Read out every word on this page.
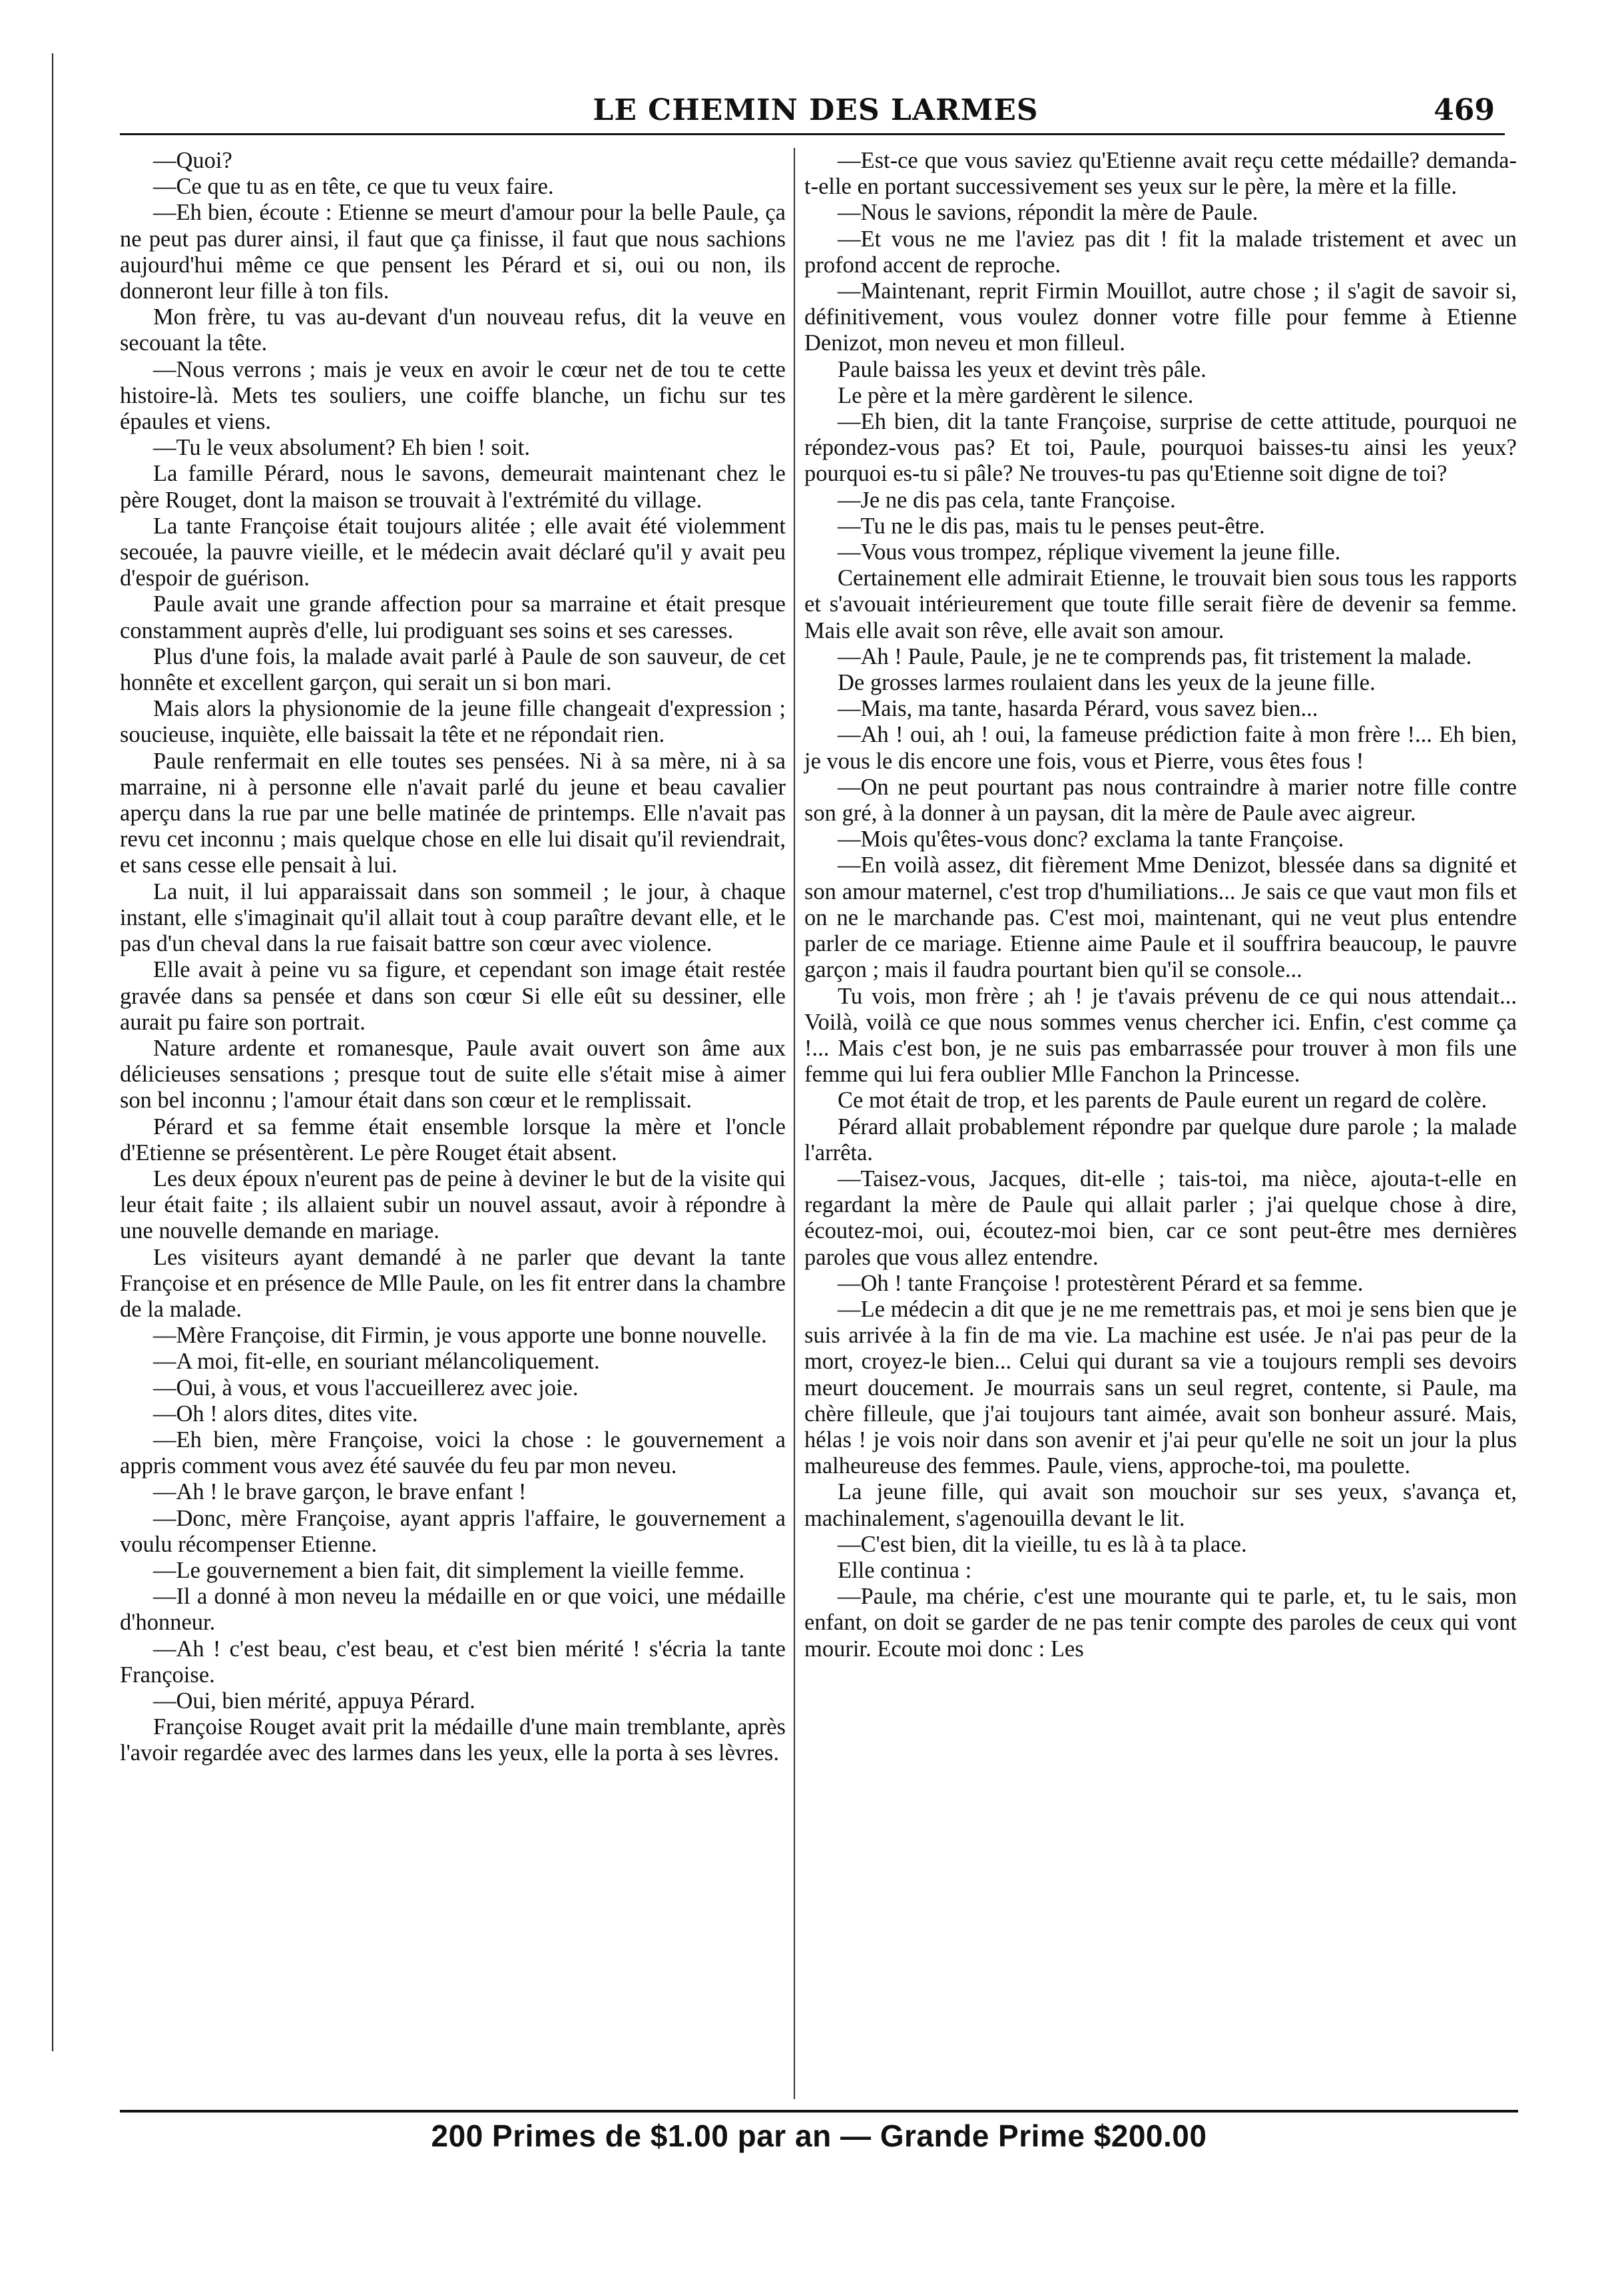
LE CHEMIN DES LARMES	469

—Quoi?

—Ce que tu as en tête, ce que tu veux faire.

—Eh bien, écoute : Etienne se meurt d'amour pour la belle Paule, ça ne peut pas durer ainsi, il faut que ça finisse, il faut que nous sachions aujourd'hui même ce que pensent les Pérard et si, oui ou non, ils donneront leur fille à ton fils.

Mon frère, tu vas au-devant d'un nouveau refus, dit la veuve en secouant la tête.

—Nous verrons ; mais je veux en avoir le cœur net de tou te cette histoire-là. Mets tes souliers, une coiffe blanche, un fichu sur tes épaules et viens.

—Tu le veux absolument? Eh bien ! soit.

La famille Pérard, nous le savons, demeurait maintenant chez le père Rouget, dont la maison se trouvait à l'extrémité du village.

La tante Françoise était toujours alitée ; elle avait été violemment secouée, la pauvre vieille, et le médecin avait déclaré qu'il y avait peu d'espoir de guérison.

Paule avait une grande affection pour sa marraine et était presque constamment auprès d'elle, lui prodiguant ses soins et ses caresses.

Plus d'une fois, la malade avait parlé à Paule de son sauveur, de cet honnête et excellent garçon, qui serait un si bon mari.

Mais alors la physionomie de la jeune fille changeait d'expression ; soucieuse, inquiète, elle baissait la tête et ne répondait rien.

Paule renfermait en elle toutes ses pensées. Ni à sa mère, ni à sa marraine, ni à personne elle n'avait parlé du jeune et beau cavalier aperçu dans la rue par une belle matinée de printemps. Elle n'avait pas revu cet inconnu ; mais quelque chose en elle lui disait qu'il reviendrait, et sans cesse elle pensait à lui.

La nuit, il lui apparaissait dans son sommeil ; le jour, à chaque instant, elle s'imaginait qu'il allait tout à coup paraître devant elle, et le pas d'un cheval dans la rue faisait battre son cœur avec violence.

Elle avait à peine vu sa figure, et cependant son image était restée gravée dans sa pensée et dans son cœur Si elle eût su dessiner, elle aurait pu faire son portrait.

Nature ardente et romanesque, Paule avait ouvert son âme aux délicieuses sensations ; presque tout de suite elle s'était mise à aimer son bel inconnu ; l'amour était dans son cœur et le remplissait.

Pérard et sa femme était ensemble lorsque la mère et l'oncle d'Etienne se présentèrent. Le père Rouget était absent.

Les deux époux n'eurent pas de peine à deviner le but de la visite qui leur était faite ; ils allaient subir un nouvel assaut, avoir à répondre à une nouvelle demande en mariage.

Les visiteurs ayant demandé à ne parler que devant la tante Françoise et en présence de Mlle Paule, on les fit entrer dans la chambre de la malade.

—Mère Françoise, dit Firmin, je vous apporte une bonne nouvelle.

—A moi, fit-elle, en souriant mélancoliquement.

—Oui, à vous, et vous l'accueillerez avec joie.

—Oh ! alors dites, dites vite.

—Eh bien, mère Françoise, voici la chose : le gouvernement a appris comment vous avez été sauvée du feu par mon neveu.

—Ah ! le brave garçon, le brave enfant !

—Donc, mère Françoise, ayant appris l'affaire, le gouvernement a voulu récompenser Etienne.

—Le gouvernement a bien fait, dit simplement la vieille femme.

—Il a donné à mon neveu la médaille en or que voici, une médaille d'honneur.

—Ah ! c'est beau, c'est beau, et c'est bien mérité ! s'écria la tante Françoise.

—Oui, bien mérité, appuya Pérard.

Françoise Rouget avait prit la médaille d'une main tremblante, après l'avoir regardée avec des larmes dans les yeux, elle la porta à ses lèvres.

—Est-ce que vous saviez qu'Etienne avait reçu cette médaille? demanda-t-elle en portant successivement ses yeux sur le père, la mère et la fille.

—Nous le savions, répondit la mère de Paule.

—Et vous ne me l'aviez pas dit ! fit la malade tristement et avec un profond accent de reproche.

—Maintenant, reprit Firmin Mouillot, autre chose ; il s'agit de savoir si, définitivement, vous voulez donner votre fille pour femme à Etienne Denizot, mon neveu et mon filleul.

Paule baissa les yeux et devint très pâle.

Le père et la mère gardèrent le silence.

—Eh bien, dit la tante Françoise, surprise de cette attitude, pourquoi ne répondez-vous pas? Et toi, Paule, pourquoi baisses-tu ainsi les yeux? pourquoi es-tu si pâle? Ne trouves-tu pas qu'Etienne soit digne de toi?

—Je ne dis pas cela, tante Françoise.

—Tu ne le dis pas, mais tu le penses peut-être.

—Vous vous trompez, réplique vivement la jeune fille.

Certainement elle admirait Etienne, le trouvait bien sous tous les rapports et s'avouait intérieurement que toute fille serait fière de devenir sa femme. Mais elle avait son rêve, elle avait son amour.

—Ah ! Paule, Paule, je ne te comprends pas, fit tristement la malade.

De grosses larmes roulaient dans les yeux de la jeune fille.

—Mais, ma tante, hasarda Pérard, vous savez bien...

—Ah ! oui, ah ! oui, la fameuse prédiction faite à mon frère !... Eh bien, je vous le dis encore une fois, vous et Pierre, vous êtes fous !

—On ne peut pourtant pas nous contraindre à marier notre fille contre son gré, à la donner à un paysan, dit la mère de Paule avec aigreur.

—Mois qu'êtes-vous donc? exclama la tante Françoise.

—En voilà assez, dit fièrement Mme Denizot, blessée dans sa dignité et son amour maternel, c'est trop d'humiliations... Je sais ce que vaut mon fils et on ne le marchande pas. C'est moi, maintenant, qui ne veut plus entendre parler de ce mariage. Etienne aime Paule et il souffrira beaucoup, le pauvre garçon ; mais il faudra pourtant bien qu'il se console...

Tu vois, mon frère ; ah ! je t'avais prévenu de ce qui nous attendait... Voilà, voilà ce que nous sommes venus chercher ici. Enfin, c'est comme ça !... Mais c'est bon, je ne suis pas embarrassée pour trouver à mon fils une femme qui lui fera oublier Mlle Fanchon la Princesse.

Ce mot était de trop, et les parents de Paule eurent un regard de colère.

Pérard allait probablement répondre par quelque dure parole ; la malade l'arrêta.

—Taisez-vous, Jacques, dit-elle ; tais-toi, ma nièce, ajouta-t-elle en regardant la mère de Paule qui allait parler ; j'ai quelque chose à dire, écoutez-moi, oui, écoutez-moi bien, car ce sont peut-être mes dernières paroles que vous allez entendre.

—Oh ! tante Françoise ! protestèrent Pérard et sa femme.

—Le médecin a dit que je ne me remettrais pas, et moi je sens bien que je suis arrivée à la fin de ma vie. La machine est usée. Je n'ai pas peur de la mort, croyez-le bien... Celui qui durant sa vie a toujours rempli ses devoirs meurt doucement. Je mourrais sans un seul regret, contente, si Paule, ma chère filleule, que j'ai toujours tant aimée, avait son bonheur assuré. Mais, hélas ! je vois noir dans son avenir et j'ai peur qu'elle ne soit un jour la plus malheureuse des femmes. Paule, viens, approche-toi, ma poulette.

La jeune fille, qui avait son mouchoir sur ses yeux, s'avança et, machinalement, s'agenouilla devant le lit.

—C'est bien, dit la vieille, tu es là à ta place.

Elle continua :

—Paule, ma chérie, c'est une mourante qui te parle, et, tu le sais, mon enfant, on doit se garder de ne pas tenir compte des paroles de ceux qui vont mourir. Ecoute moi donc : Les

200 Primes de $1.00 par an — Grande Prime $200.00
